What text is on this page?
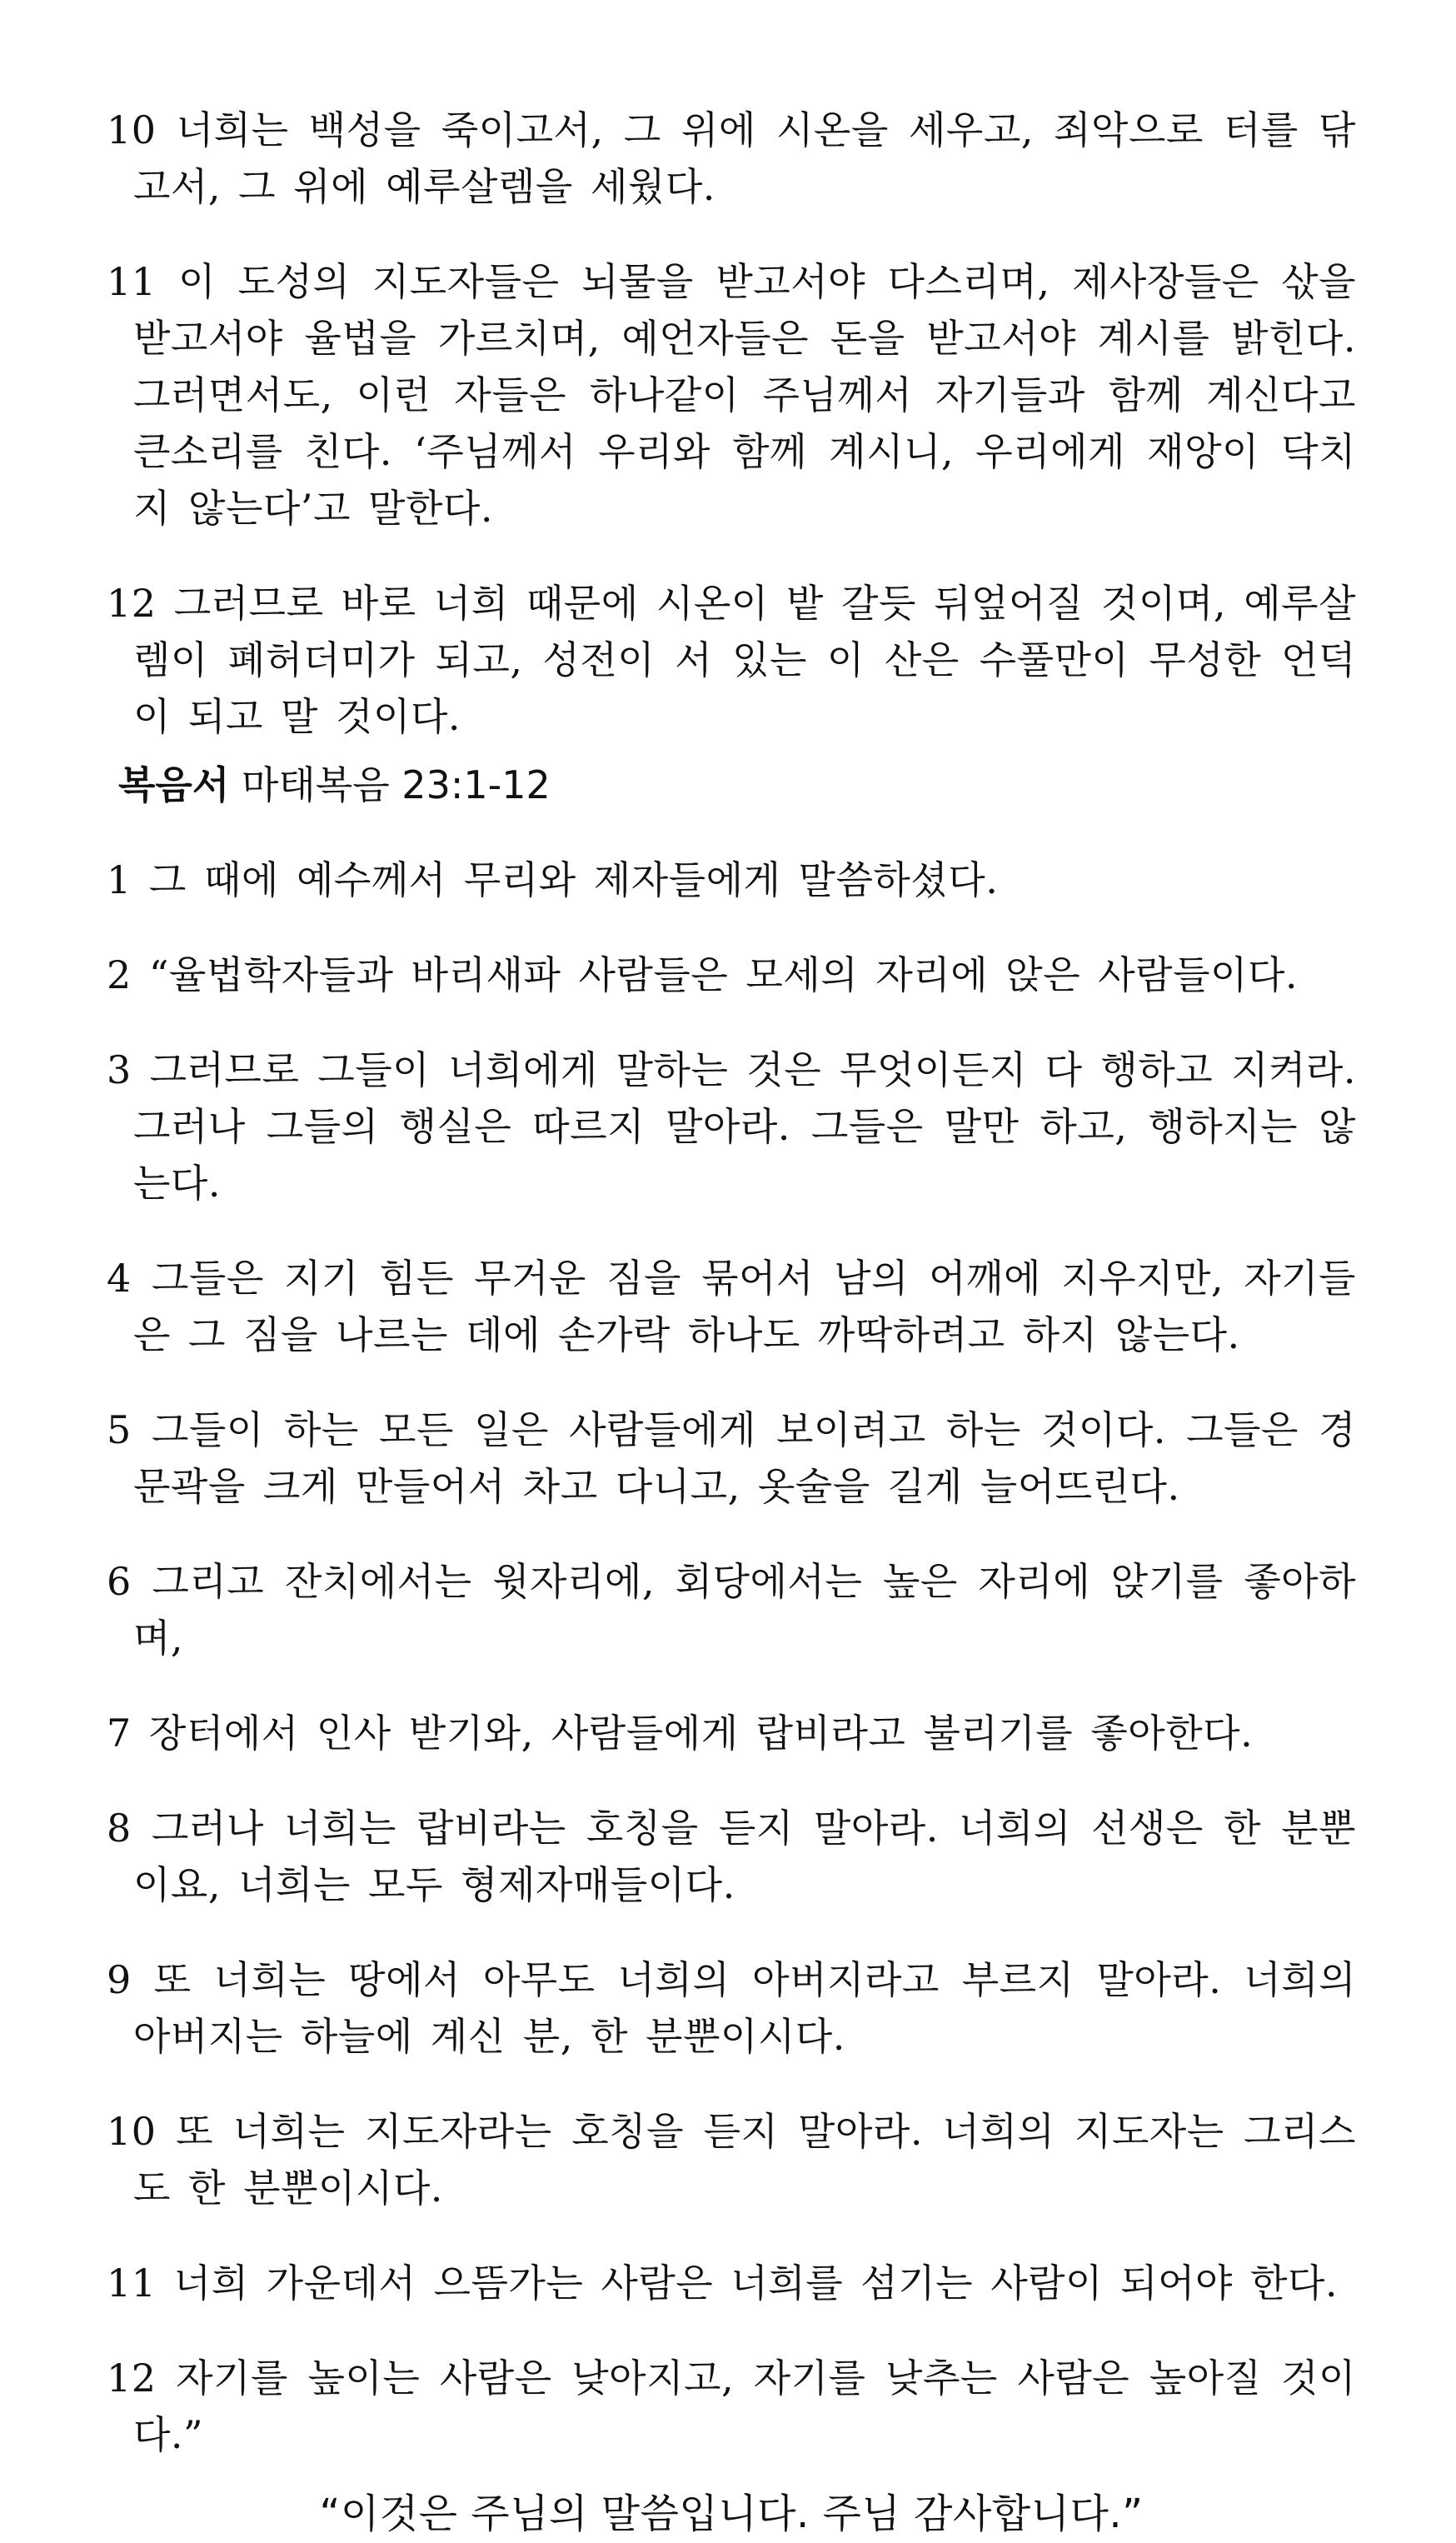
10 너희는 백성을 죽이고서, 그 위에 시온을 세우고, 죄악으로 터를 닦고서, 그 위에 예루살렘을 세웠다.

11 이 도성의 지도자들은 뇌물을 받고서야 다스리며, 제사장들은 삯을 받고서야 율법을 가르치며, 예언자들은 돈을 받고서야 계시를 밝힌다. 그러면서도, 이런 자들은 하나같이 주님께서 자기들과 함께 계신다고 큰소리를 친다. ‘주님께서 우리와 함께 계시니, 우리에게 재앙이 닥치지 않는다’고 말한다.

12 그러므로 바로 너희 때문에 시온이 밭 갈듯 뒤엎어질 것이며, 예루살렘이 폐허더미가 되고, 성전이 서 있는 이 산은 수풀만이 무성한 언덕이 되고 말 것이다.

복음서 마태복음 23:1-12

1 그 때에 예수께서 무리와 제자들에게 말씀하셨다.

2 “율법학자들과 바리새파 사람들은 모세의 자리에 앉은 사람들이다.

3 그러므로 그들이 너희에게 말하는 것은 무엇이든지 다 행하고 지켜라. 그러나 그들의 행실은 따르지 말아라. 그들은 말만 하고, 행하지는 않는다.

4 그들은 지기 힘든 무거운 짐을 묶어서 남의 어깨에 지우지만, 자기들은 그 짐을 나르는 데에 손가락 하나도 까딱하려고 하지 않는다.

5 그들이 하는 모든 일은 사람들에게 보이려고 하는 것이다. 그들은 경문곽을 크게 만들어서 차고 다니고, 옷술을 길게 늘어뜨린다.

6 그리고 잔치에서는 윗자리에, 회당에서는 높은 자리에 앉기를 좋아하며,

7 장터에서 인사 받기와, 사람들에게 랍비라고 불리기를 좋아한다.

8 그러나 너희는 랍비라는 호칭을 듣지 말아라. 너희의 선생은 한 분뿐이요, 너희는 모두 형제자매들이다.

9 또 너희는 땅에서 아무도 너희의 아버지라고 부르지 말아라. 너희의 아버지는 하늘에 계신 분, 한 분뿐이시다.

10 또 너희는 지도자라는 호칭을 듣지 말아라. 너희의 지도자는 그리스도 한 분뿐이시다.

11 너희 가운데서 으뜸가는 사람은 너희를 섬기는 사람이 되어야 한다.

12 자기를 높이는 사람은 낮아지고, 자기를 낮추는 사람은 높아질 것이다.”

“이것은 주님의 말씀입니다. 주님 감사합니다.”
